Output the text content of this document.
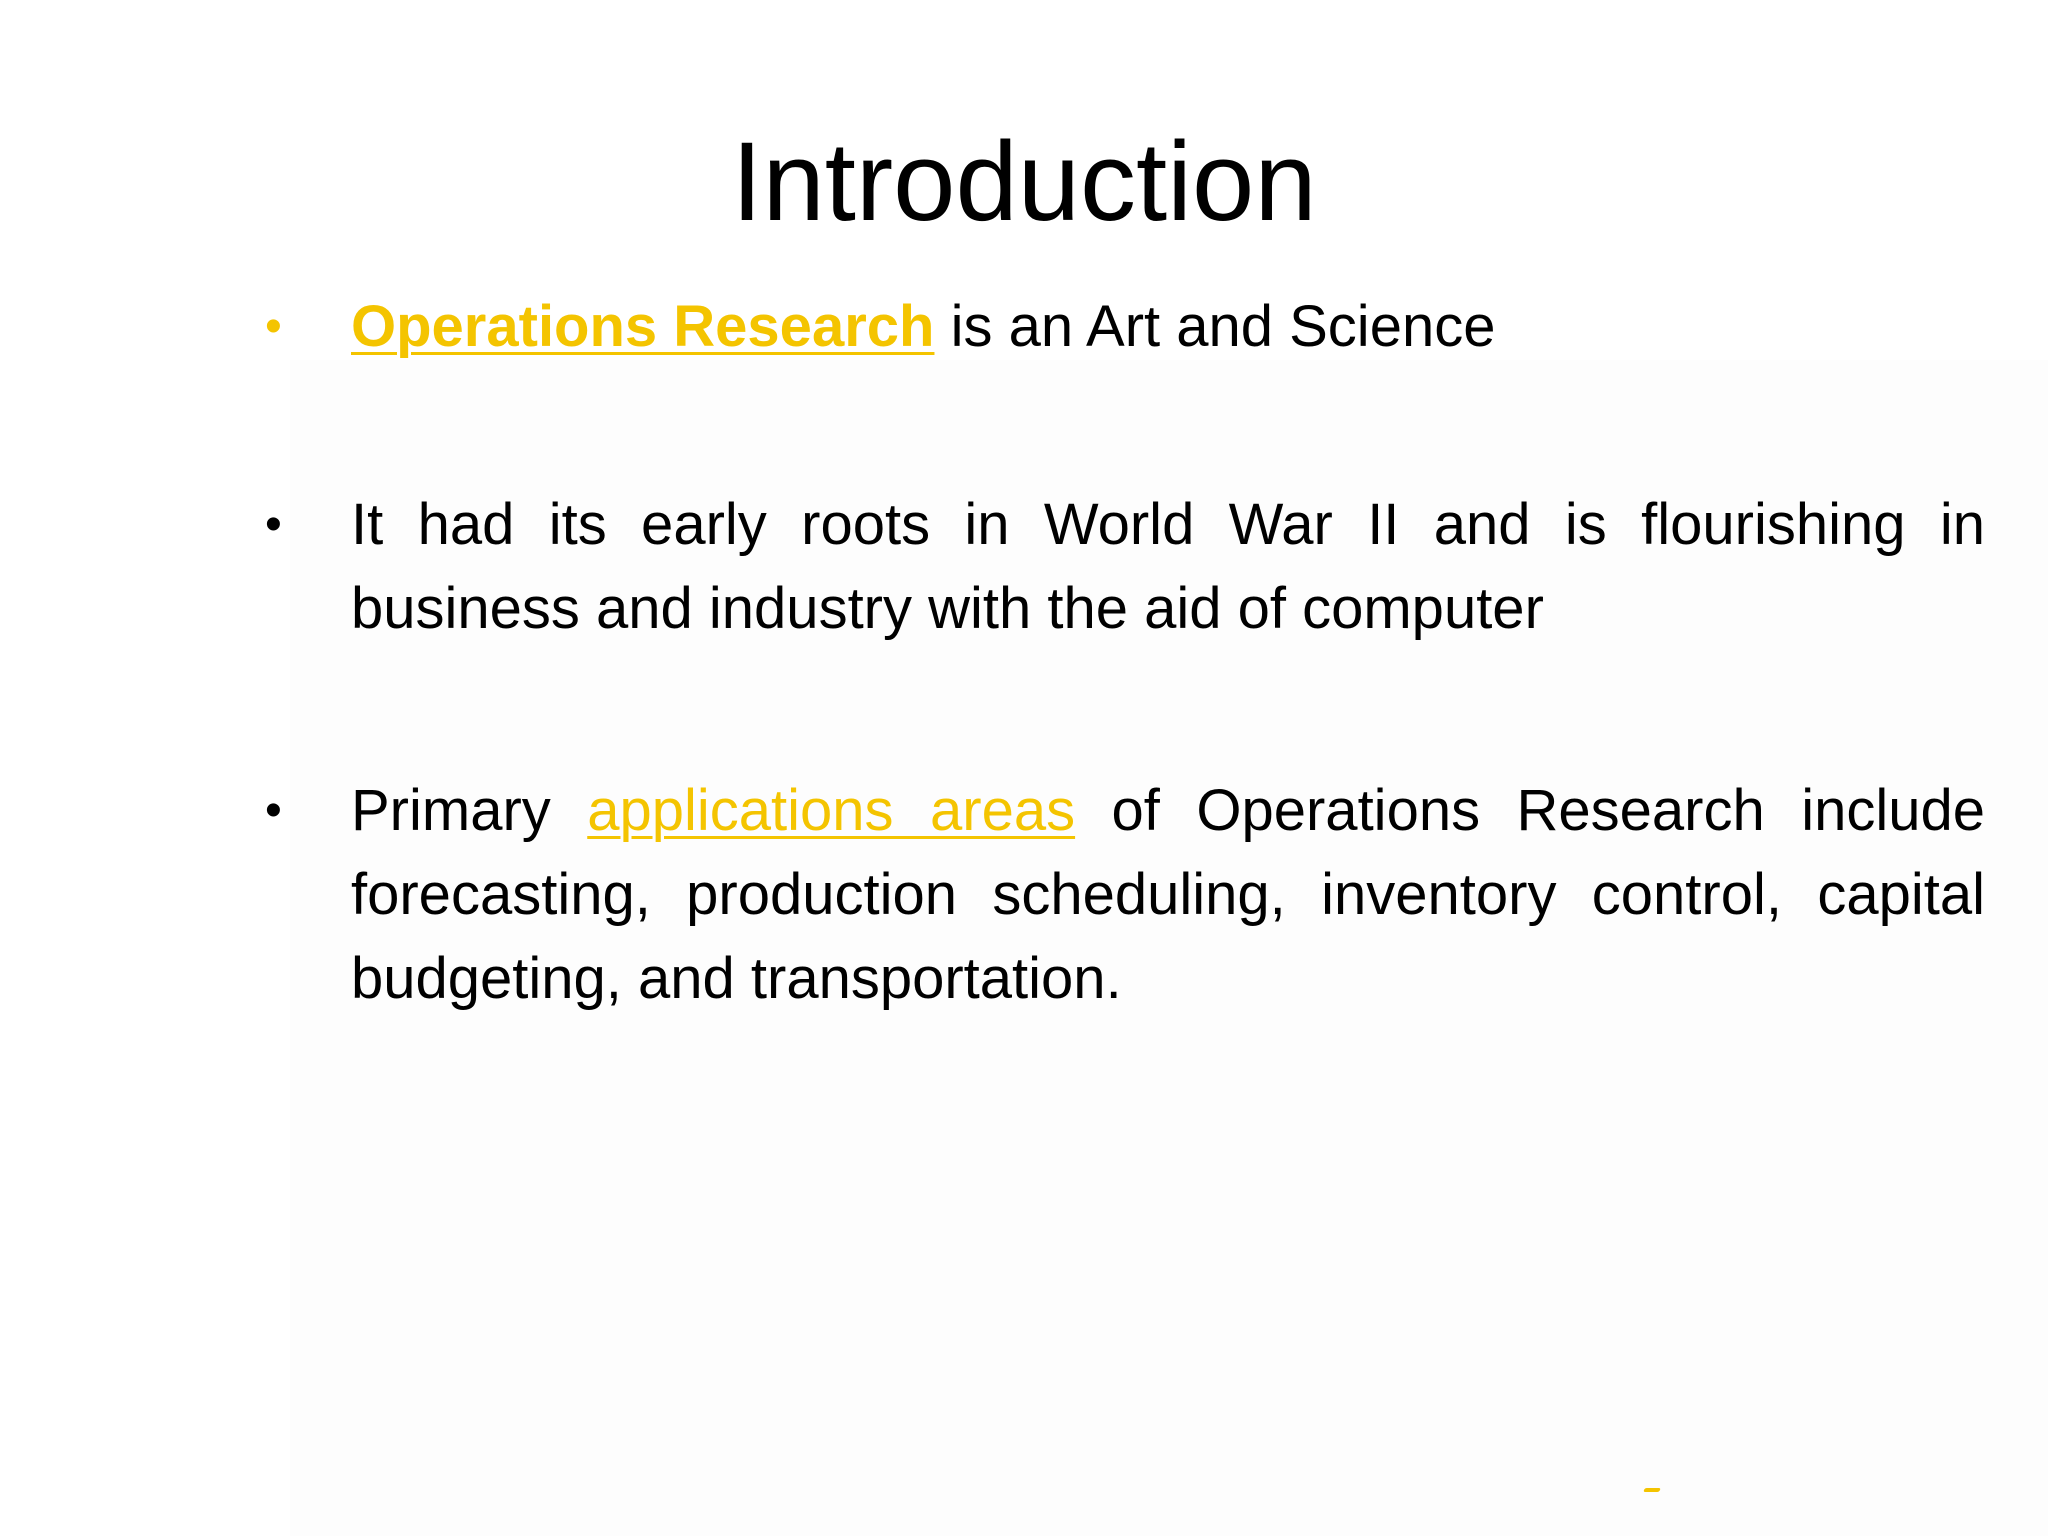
Introduction

•	Operations Research is an Art and Science

•	It had its early roots in World War II and is flourishing in business and industry with the aid of computer

•	Primary applications areas of Operations Research include forecasting, production scheduling, inventory control, capital budgeting, and transportation.
